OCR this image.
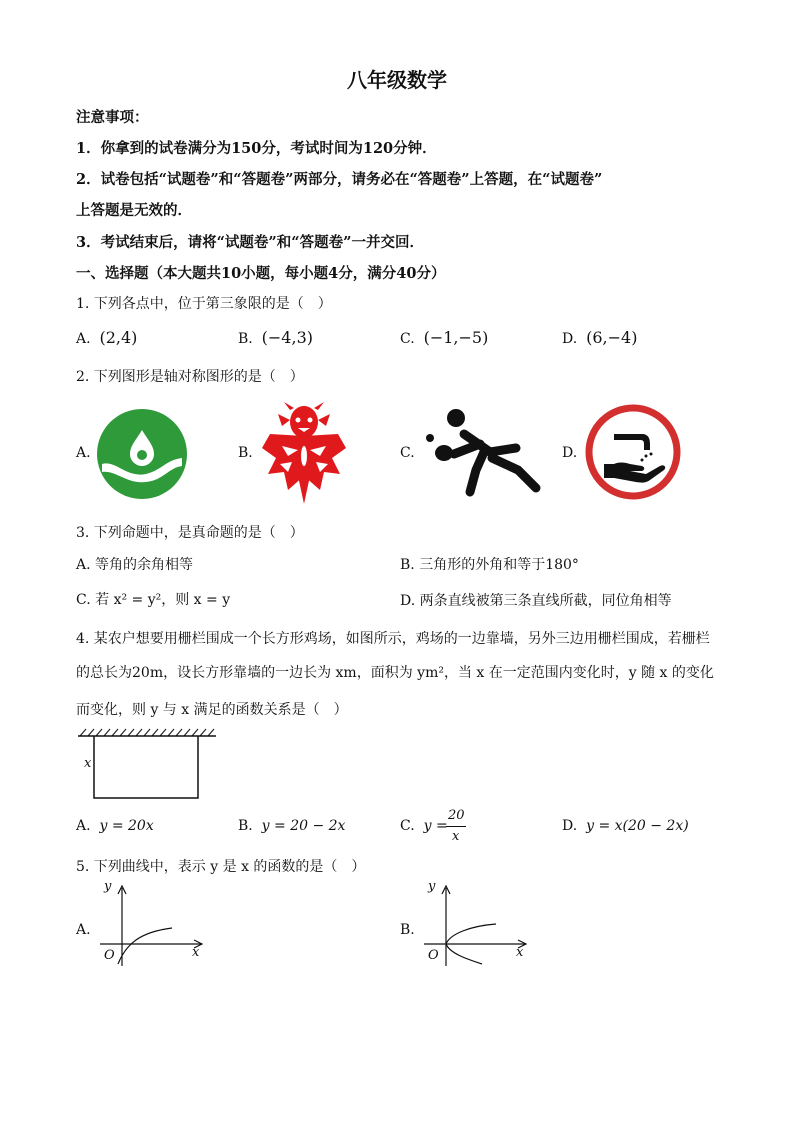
八年级数学
注意事项：
1．你拿到的试卷满分为150分，考试时间为120分钟．
2．试卷包括“试题卷”和“答题卷”两部分，请务必在“答题卷”上答题，在“试题卷”
上答题是无效的．
3．考试结束后，请将“试题卷”和“答题卷”一并交回．
一、选择题（本大题共10小题，每小题4分，满分40分）
1. 下列各点中，位于第三象限的是（　）
A. (2,4)	B. (−4,3)	C. (−1,−5)	D. (6,−4)
2. 下列图形是轴对称图形的是（　）
A.	B.	C.	D.
3. 下列命题中，是真命题的是（　）
A. 等角的余角相等	B. 三角形的外角和等于180°
C. 若 x² = y²，则 x = y	D. 两条直线被第三条直线所截，同位角相等
4. 某农户想要用栅栏围成一个长方形鸡场，如图所示，鸡场的一边靠墙，另外三边用栅栏围成，若栅栏
的总长为20m，设长方形靠墙的一边长为 xm，面积为 ym²，当 x 在一定范围内变化时，y 随 x 的变化
而变化，则 y 与 x 满足的函数关系是（　）
x
A. y = 20x	B. y = 20 − 2x	C. y =
20
x
D. y = x(20 − 2x)
5. 下列曲线中，表示 y 是 x 的函数的是（　）
A.
y
x
O
B.
y
x
O
